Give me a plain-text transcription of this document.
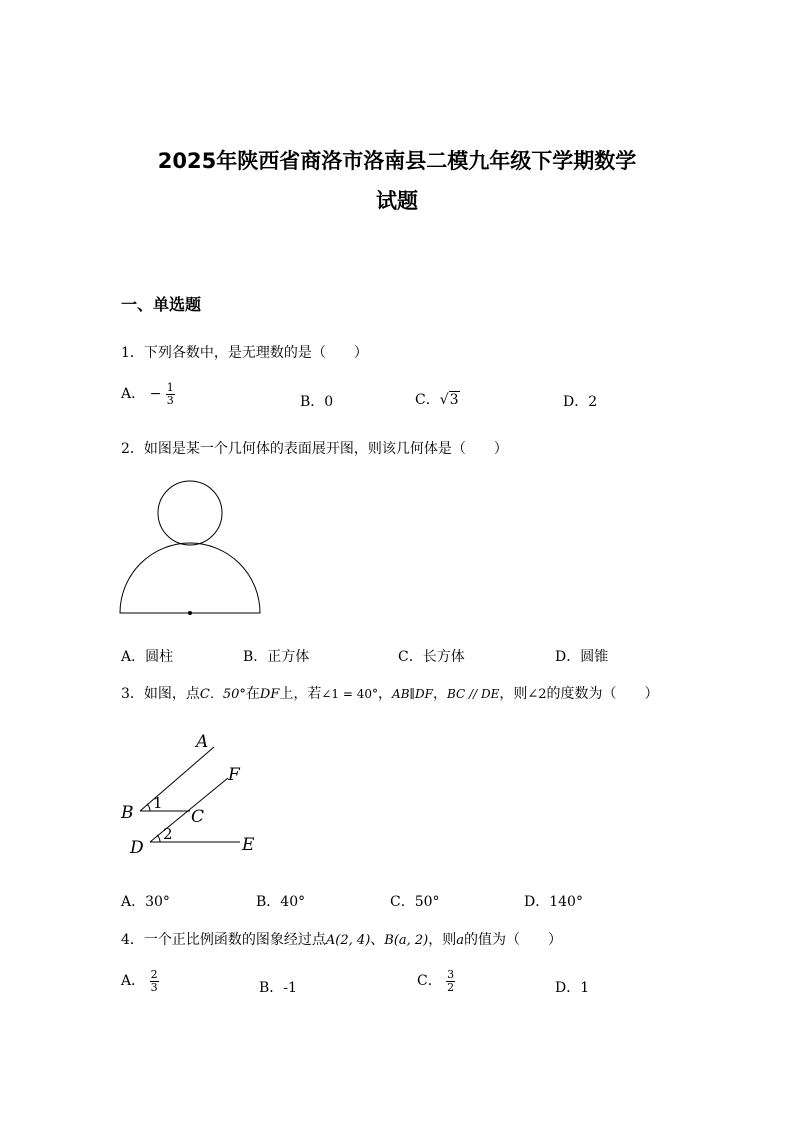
2025年陕西省商洛市洛南县二模九年级下学期数学
试题
一、单选题
1．下列各数中，是无理数的是（　　）
A． − $\frac{1}{3}$	B．0	C．√3	D．2
2．如图是某一个几何体的表面展开图，则该几何体是（　　）
A．圆柱	B．正方体	C．长方体	D．圆锥
3．如图，点C．50°在DF上，若∠1 = 40°，AB∥DF，BC // DE，则∠2的度数为（　　）
A
F
B	C
D	E
1
2
A．30°	B．40°	C．50°	D．140°
4．一个正比例函数的图象经过点A(2, 4)、B(a, 2)，则a的值为（　　）
A． $\frac{2}{3}$	B．-1	C． $\frac{3}{2}$	D．1
